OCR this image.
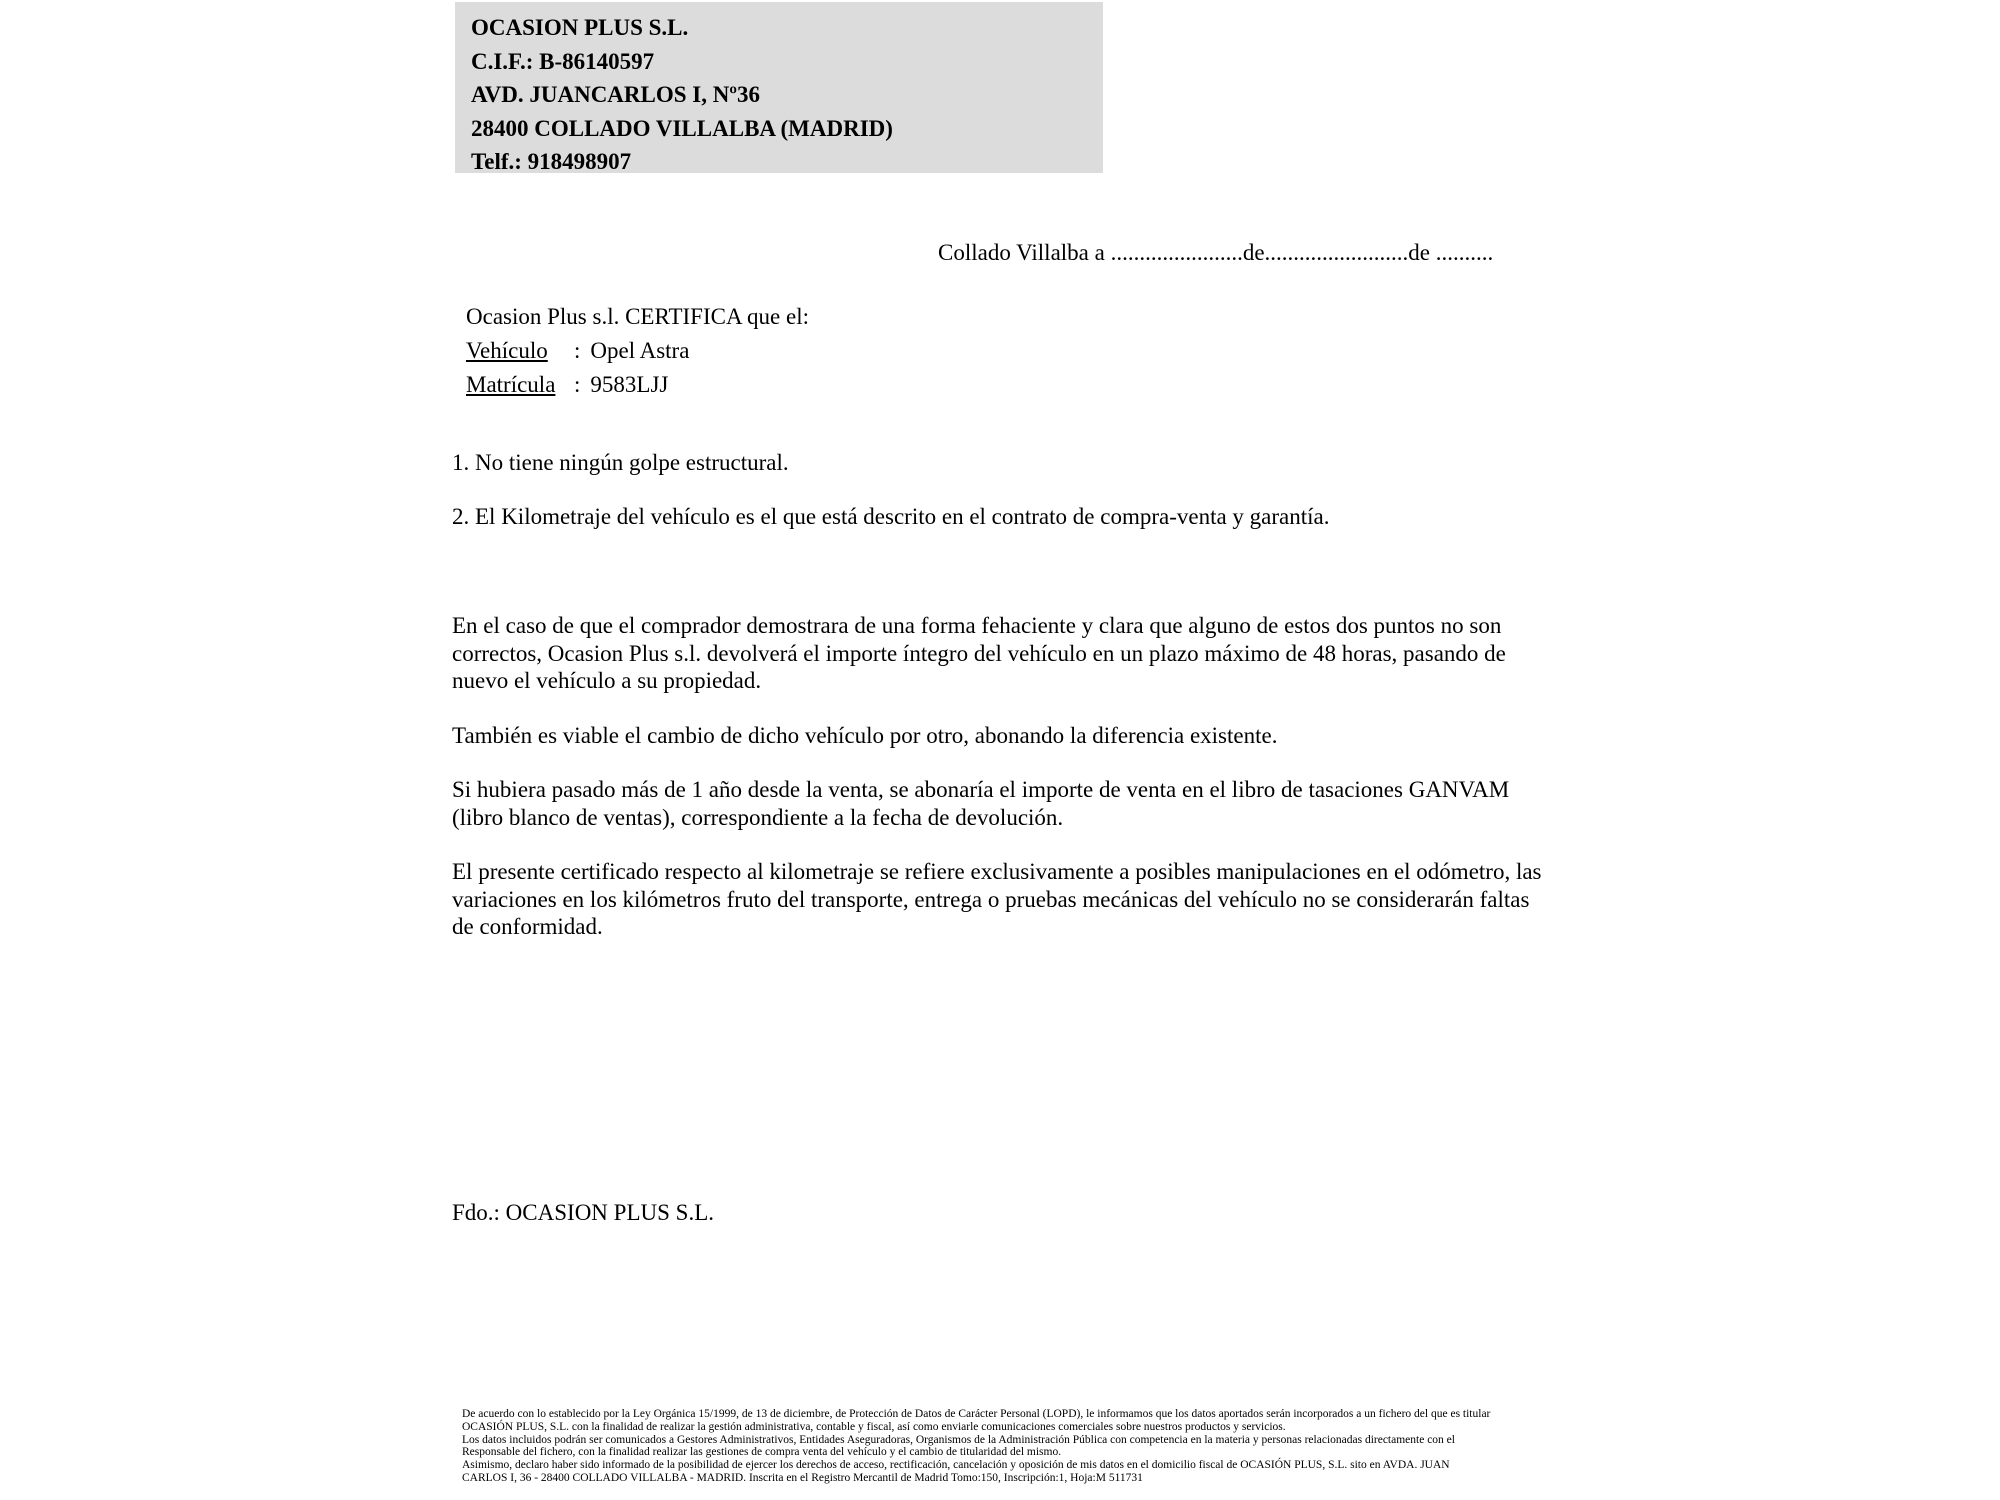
OCASION PLUS S.L.
C.I.F.: B-86140597
AVD. JUANCARLOS I, Nº36
28400 COLLADO VILLALBA (MADRID)
Telf.: 918498907
Collado Villalba a .......................de.........................de ..........
Ocasion Plus s.l. CERTIFICA que el:
Vehículo : Opel Astra
Matrícula : 9583LJJ
1. No tiene ningún golpe estructural.
2. El Kilometraje del vehículo es el que está descrito en el contrato de compra-venta y garantía.

En el caso de que el comprador demostrara de una forma fehaciente y clara que alguno de estos dos puntos no son correctos, Ocasion Plus s.l. devolverá el importe íntegro del vehículo en un plazo máximo de 48 horas, pasando de nuevo el vehículo a su propiedad.

También es viable el cambio de dicho vehículo por otro, abonando la diferencia existente.

Si hubiera pasado más de 1 año desde la venta, se abonaría el importe de venta en el libro de tasaciones GANVAM (libro blanco de ventas), correspondiente a la fecha de devolución.

El presente certificado respecto al kilometraje se refiere exclusivamente a posibles manipulaciones en el odómetro, las variaciones en los kilómetros fruto del transporte, entrega o pruebas mecánicas del vehículo no se considerarán faltas de conformidad.

Fdo.: OCASION PLUS S.L.
De acuerdo con lo establecido por la Ley Orgánica 15/1999, de 13 de diciembre, de Protección de Datos de Carácter Personal (LOPD), le informamos que los datos aportados serán incorporados a un fichero del que es titular
OCASIÓN PLUS, S.L. con la finalidad de realizar la gestión administrativa, contable y fiscal, así como enviarle comunicaciones comerciales sobre nuestros productos y servicios.
Los datos incluidos podrán ser comunicados a Gestores Administrativos, Entidades Aseguradoras, Organismos de la Administración Pública con competencia en la materia y personas relacionadas directamente con el
Responsable del fichero, con la finalidad realizar las gestiones de compra venta del vehículo y el cambio de titularidad del mismo.
Asimismo, declaro haber sido informado de la posibilidad de ejercer los derechos de acceso, rectificación, cancelación y oposición de mis datos en el domicilio fiscal de OCASIÓN PLUS, S.L. sito en AVDA. JUAN
CARLOS I, 36 - 28400 COLLADO VILLALBA - MADRID. Inscrita en el Registro Mercantil de Madrid Tomo:150, Inscripción:1, Hoja:M 511731
